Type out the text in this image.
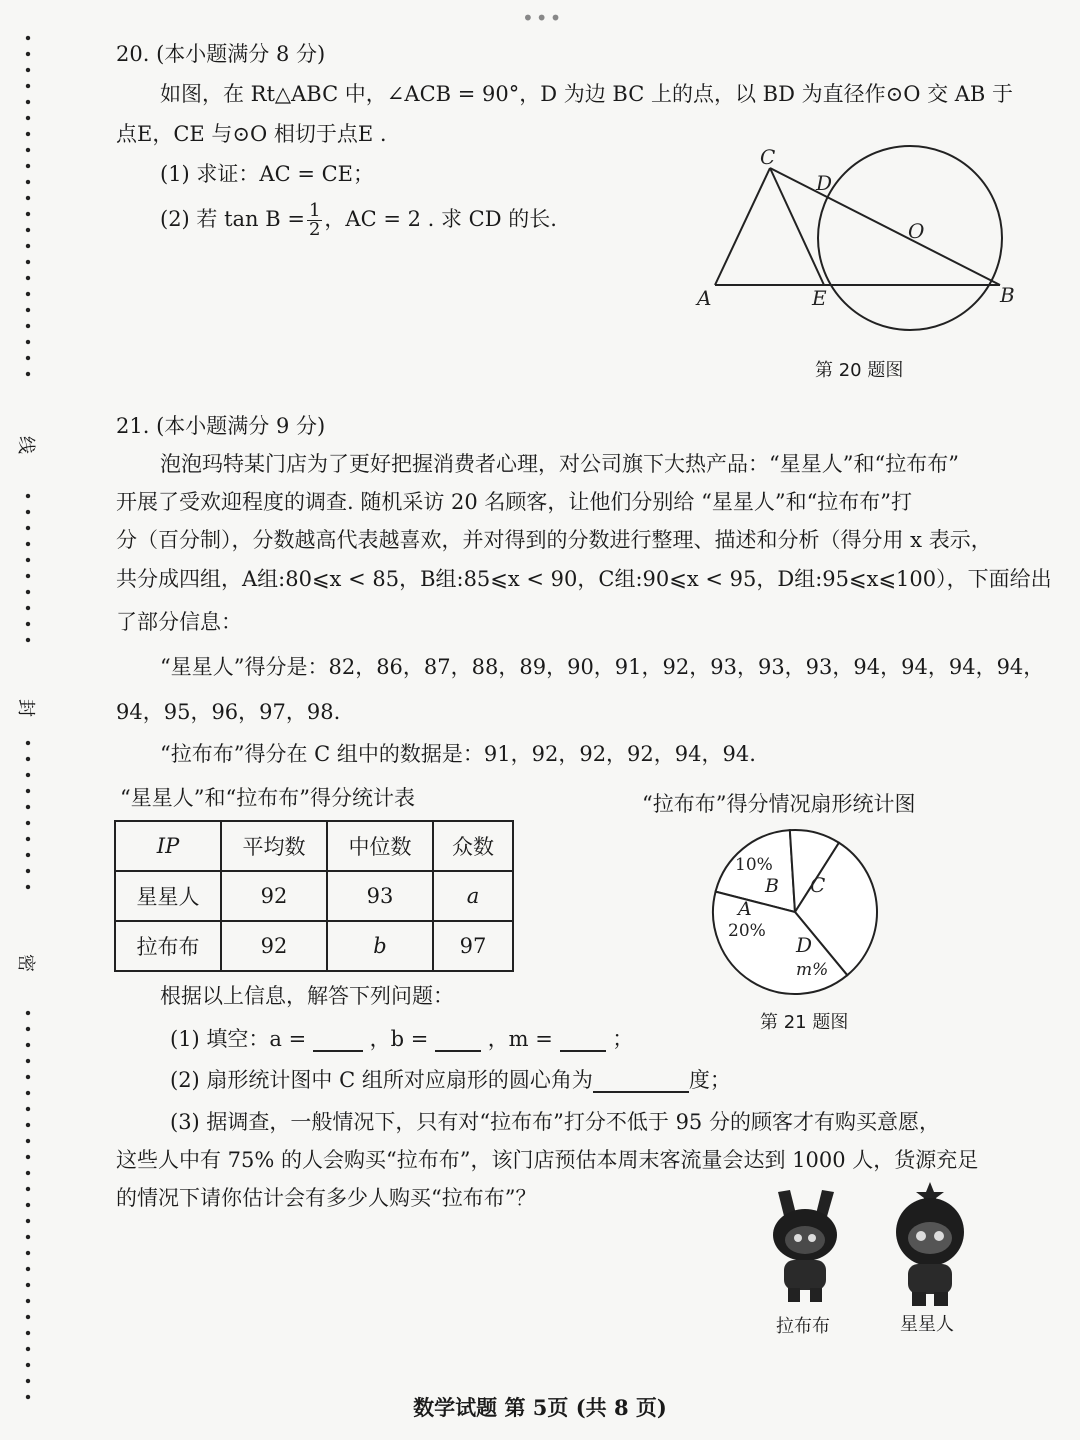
•••
线
封
密
20. (本小题满分 8 分)
如图，在 Rt△ABC 中，∠ACB = 90°，D 为边 BC 上的点，以 BD 为直径作⊙O 交 AB 于
点E，CE 与⊙O 相切于点E .
(1) 求证：AC = CE；
(2) 若 $\tan B = \frac{1}{2}$ ，AC = 2 . 求 CD 的长.
C
D
O
A	E	B
第 20 题图
21. (本小题满分 9 分)
泡泡玛特某门店为了更好把握消费者心理，对公司旗下大热产品：“星星人”和“拉布布”
开展了受欢迎程度的调查. 随机采访 20 名顾客，让他们分别给 “星星人”和“拉布布”打
分（百分制），分数越高代表越喜欢，并对得到的分数进行整理、描述和分析（得分用 x 表示，
共分成四组，A组:80⩽x < 85，B组:85⩽x < 90，C组:90⩽x < 95，D组:95⩽x⩽100），下面给出
了部分信息：
“星星人”得分是：82，86，87，88，89，90，91，92，93，93，93，94，94，94，94，
94，95，96，97，98.
“拉布布”得分在 C 组中的数据是：91，92，92，92，94，94.
“星星人”和“拉布布”得分统计表
IP	平均数	中位数	众数
星星人	92	93	a
拉布布	92	b	97
“拉布布”得分情况扇形统计图
10%
B C
A
20%
D
m%
第 21 题图
根据以上信息，解答下列问题：
(1) 填空：a =	，b =	，m =	；
(2) 扇形统计图中 C 组所对应扇形的圆心角为	度；
(3) 据调查，一般情况下，只有对“拉布布”打分不低于 95 分的顾客才有购买意愿，
这些人中有 75% 的人会购买“拉布布”，该门店预估本周末客流量会达到 1000 人，货源充足
的情况下请你估计会有多少人购买“拉布布”？
拉布布	星星人
数学试题 第 5页 (共 8 页)
